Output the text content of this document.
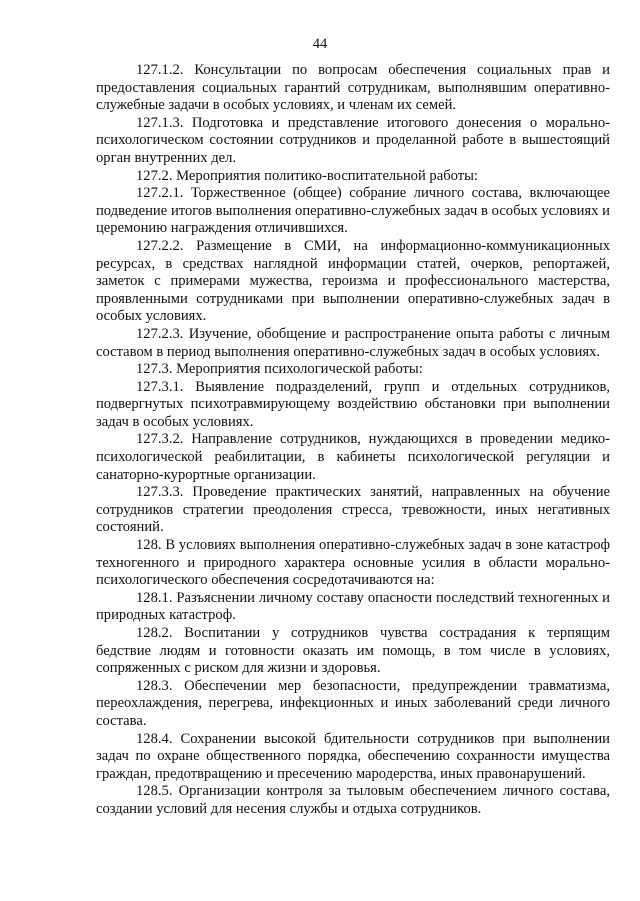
44

127.1.2. Консультации по вопросам обеспечения социальных прав и предоставления социальных гарантий сотрудникам, выполнявшим оперативно-служебные задачи в особых условиях, и членам их семей.

127.1.3. Подготовка и представление итогового донесения о морально-психологическом состоянии сотрудников и проделанной работе в вышестоящий орган внутренних дел.

127.2. Мероприятия политико-воспитательной работы:

127.2.1. Торжественное (общее) собрание личного состава, включающее подведение итогов выполнения оперативно-служебных задач в особых условиях и церемонию награждения отличившихся.

127.2.2. Размещение в СМИ, на информационно-коммуникационных ресурсах, в средствах наглядной информации статей, очерков, репортажей, заметок с примерами мужества, героизма и профессионального мастерства, проявленными сотрудниками при выполнении оперативно-служебных задач в особых условиях.

127.2.3. Изучение, обобщение и распространение опыта работы с личным составом в период выполнения оперативно-служебных задач в особых условиях.

127.3. Мероприятия психологической работы:

127.3.1. Выявление подразделений, групп и отдельных сотрудников, подвергнутых психотравмирующему воздействию обстановки при выполнении задач в особых условиях.

127.3.2. Направление сотрудников, нуждающихся в проведении медико-психологической реабилитации, в кабинеты психологической регуляции и санаторно-курортные организации.

127.3.3. Проведение практических занятий, направленных на обучение сотрудников стратегии преодоления стресса, тревожности, иных негативных состояний.

128. В условиях выполнения оперативно-служебных задач в зоне катастроф техногенного и природного характера основные усилия в области морально-психологического обеспечения сосредотачиваются на:

128.1. Разъяснении личному составу опасности последствий техногенных и природных катастроф.

128.2. Воспитании у сотрудников чувства сострадания к терпящим бедствие людям и готовности оказать им помощь, в том числе в условиях, сопряженных с риском для жизни и здоровья.

128.3. Обеспечении мер безопасности, предупреждении травматизма, переохлаждения, перегрева, инфекционных и иных заболеваний среди личного состава.

128.4. Сохранении высокой бдительности сотрудников при выполнении задач по охране общественного порядка, обеспечению сохранности имущества граждан, предотвращению и пресечению мародерства, иных правонарушений.

128.5. Организации контроля за тыловым обеспечением личного состава, создании условий для несения службы и отдыха сотрудников.
